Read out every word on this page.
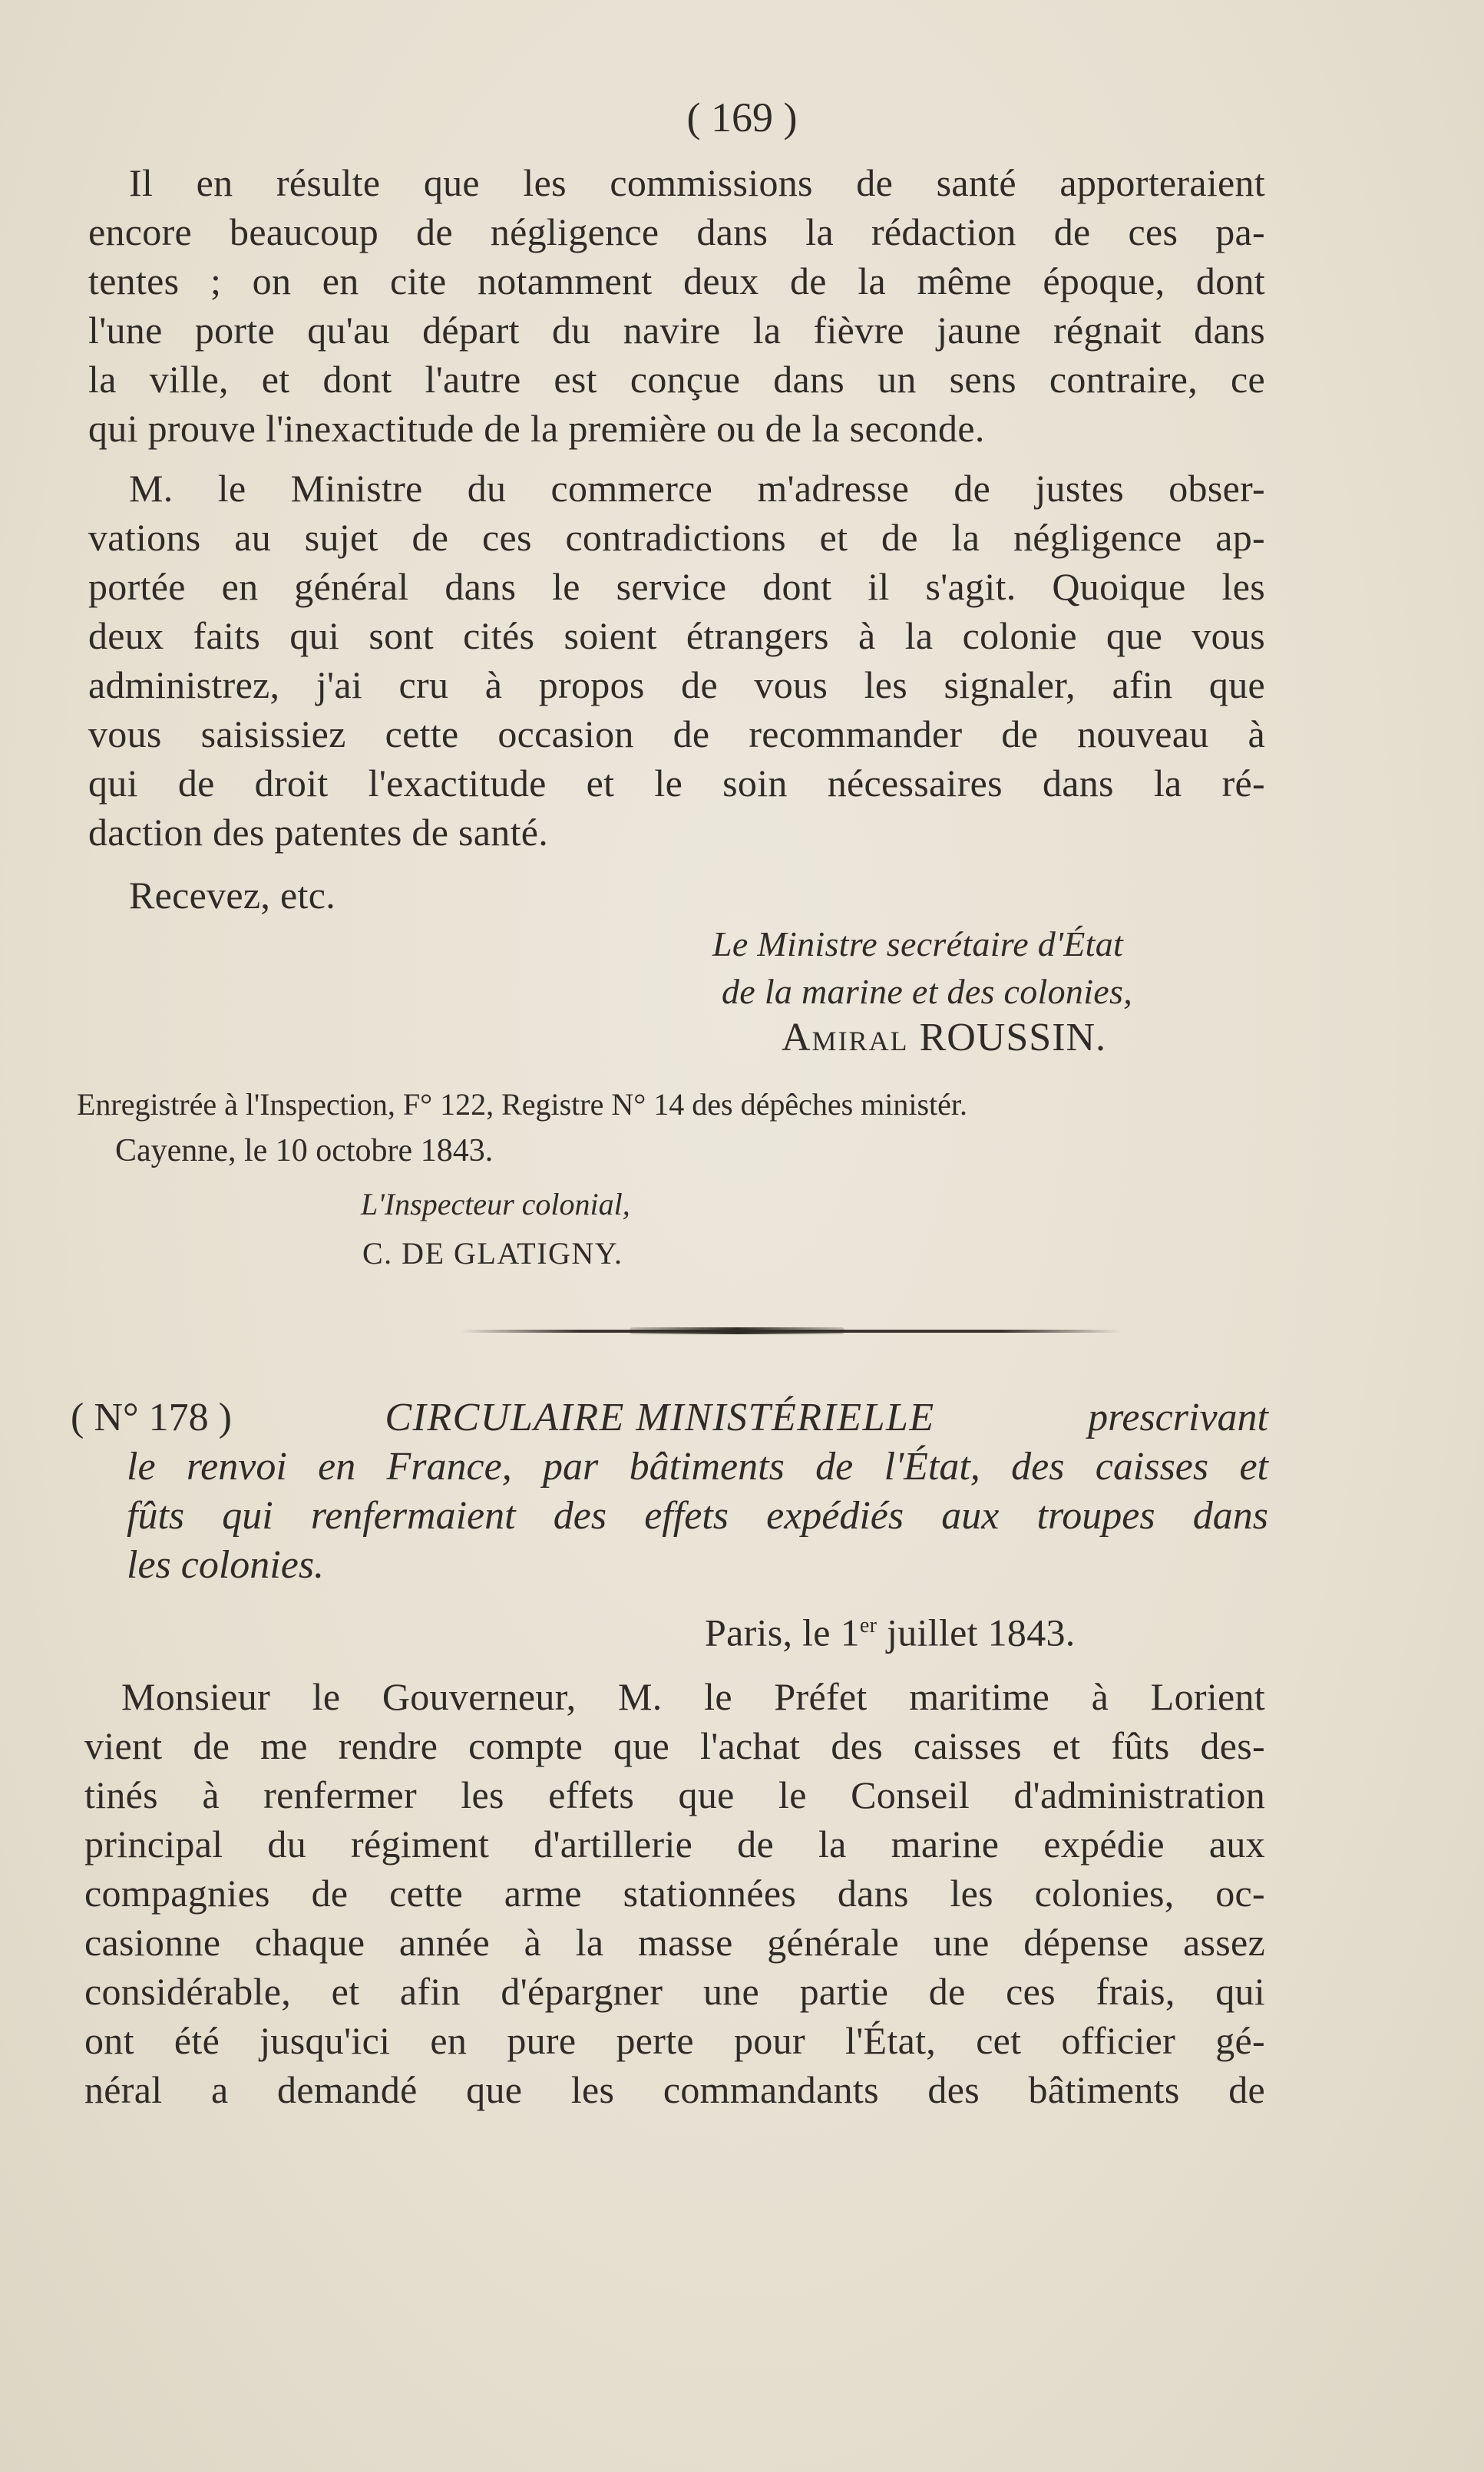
( 169 )
Il en résulte que les commissions de santé apporteraient
encore beaucoup de négligence dans la rédaction de ces pa-
tentes ; on en cite notamment deux de la même époque, dont
l'une porte qu'au départ du navire la fièvre jaune régnait dans
la ville, et dont l'autre est conçue dans un sens contraire, ce
qui prouve l'inexactitude de la première ou de la seconde.
M. le Ministre du commerce m'adresse de justes obser-
vations au sujet de ces contradictions et de la négligence ap-
portée en général dans le service dont il s'agit. Quoique les
deux faits qui sont cités soient étrangers à la colonie que vous
administrez, j'ai cru à propos de vous les signaler, afin que
vous saisissiez cette occasion de recommander de nouveau à
qui de droit l'exactitude et le soin nécessaires dans la ré-
daction des patentes de santé.
Recevez, etc.
Le Ministre secrétaire d'État
de la marine et des colonies,
Amiral ROUSSIN.
Enregistrée à l'Inspection, F° 122, Registre N° 14 des dépêches ministér.
Cayenne, le 10 octobre 1843.
L'Inspecteur colonial,
C. DE GLATIGNY.
( N° 178 )	CIRCULAIRE MINISTÉRIELLE	prescrivant
le renvoi en France, par bâtiments de l'État, des caisses et
fûts qui renfermaient des effets expédiés aux troupes dans
les colonies.
Paris, le 1er juillet 1843.
Monsieur le Gouverneur, M. le Préfet maritime à Lorient
vient de me rendre compte que l'achat des caisses et fûts des-
tinés à renfermer les effets que le Conseil d'administration
principal du régiment d'artillerie de la marine expédie aux
compagnies de cette arme stationnées dans les colonies, oc-
casionne chaque année à la masse générale une dépense assez
considérable, et afin d'épargner une partie de ces frais, qui
ont été jusqu'ici en pure perte pour l'État, cet officier gé-
néral a demandé que les commandants des bâtiments de
